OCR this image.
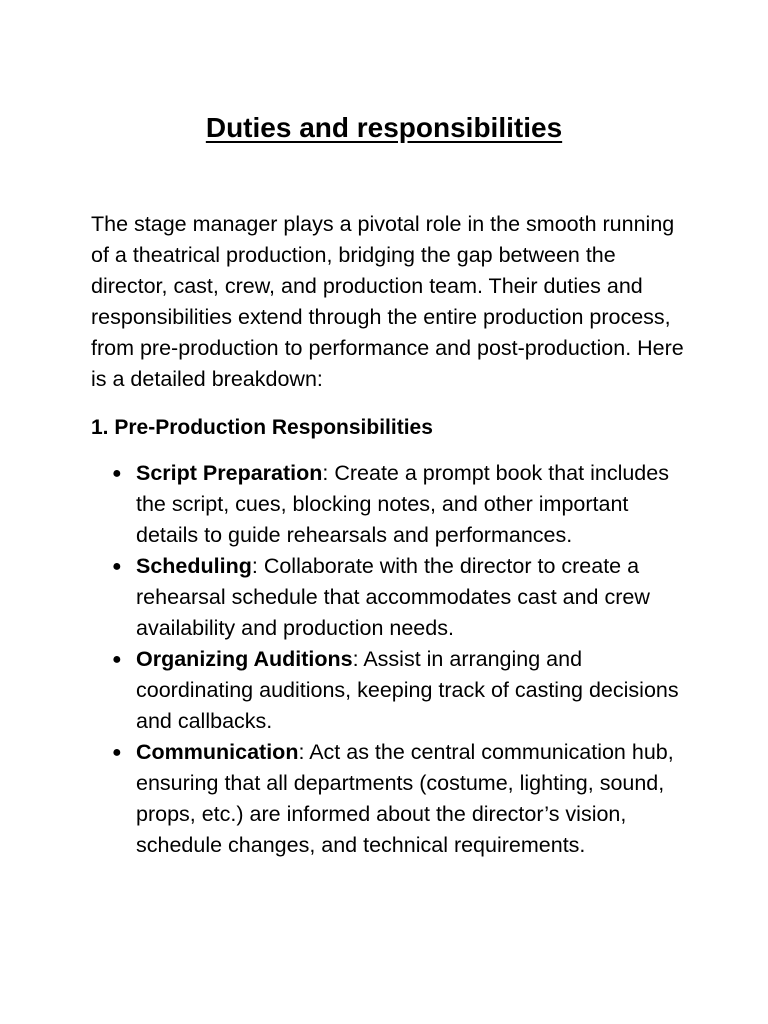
Duties and responsibilities

The stage manager plays a pivotal role in the smooth running of a theatrical production, bridging the gap between the director, cast, crew, and production team. Their duties and responsibilities extend through the entire production process, from pre-production to performance and post-production. Here is a detailed breakdown:

1. Pre-Production Responsibilities
● Script Preparation: Create a prompt book that includes the script, cues, blocking notes, and other important details to guide rehearsals and performances.
● Scheduling: Collaborate with the director to create a rehearsal schedule that accommodates cast and crew availability and production needs.
● Organizing Auditions: Assist in arranging and coordinating auditions, keeping track of casting decisions and callbacks.
● Communication: Act as the central communication hub, ensuring that all departments (costume, lighting, sound, props, etc.) are informed about the director’s vision, schedule changes, and technical requirements.
